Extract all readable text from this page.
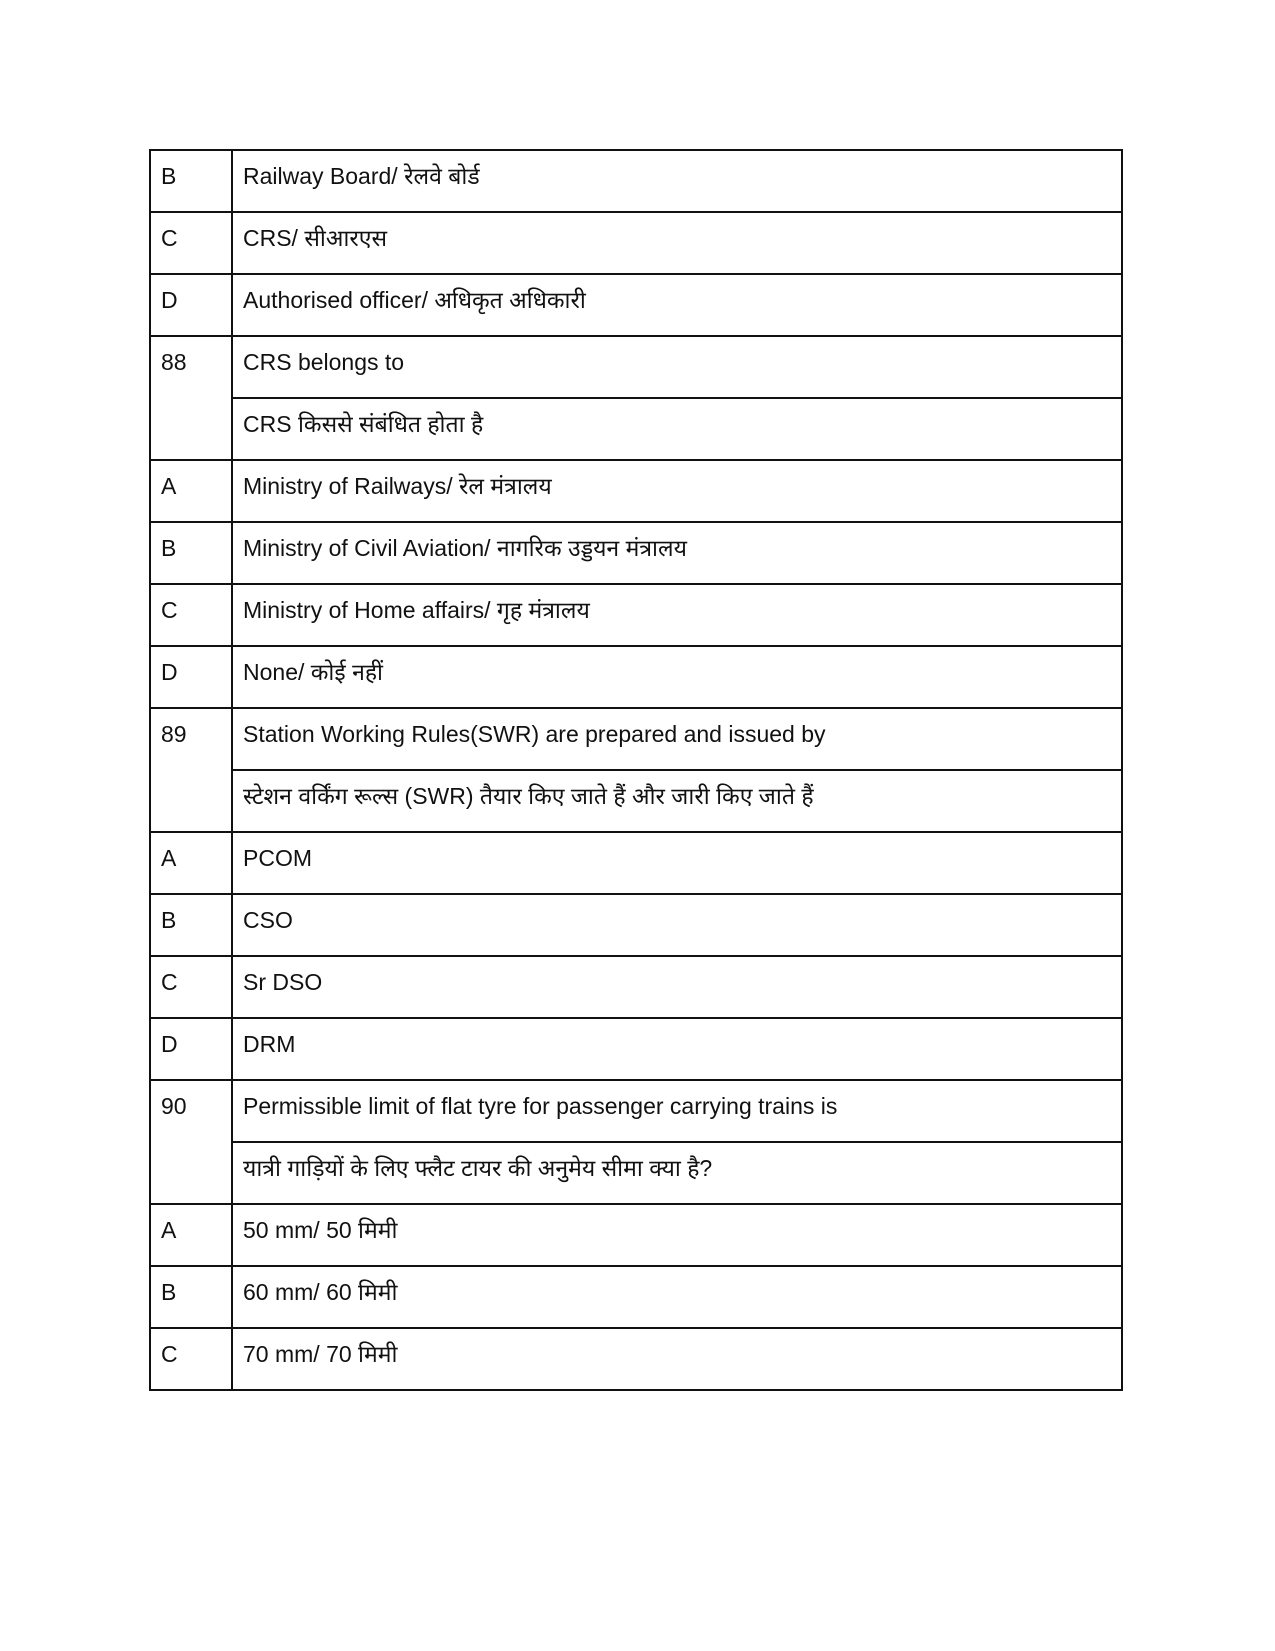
B	Railway Board/ रेलवे बोर्ड
C	CRS/ सीआरएस
D	Authorised officer/ अधिकृत अधिकारी
88	CRS belongs to
	CRS किससे संबंधित होता है
A	Ministry of Railways/ रेल मंत्रालय
B	Ministry of Civil Aviation/ नागरिक उड्डयन मंत्रालय
C	Ministry of Home affairs/ गृह मंत्रालय
D	None/ कोई नहीं
89	Station Working Rules(SWR) are prepared and issued by
	स्टेशन वर्किंग रूल्स (SWR) तैयार किए जाते हैं और जारी किए जाते हैं
A	PCOM
B	CSO
C	Sr DSO
D	DRM
90	Permissible limit of flat tyre for passenger carrying trains is
	यात्री गाड़ियों के लिए फ्लैट टायर की अनुमेय सीमा क्या है?
A	50 mm/ 50 मिमी
B	60 mm/ 60 मिमी
C	70 mm/ 70 मिमी
